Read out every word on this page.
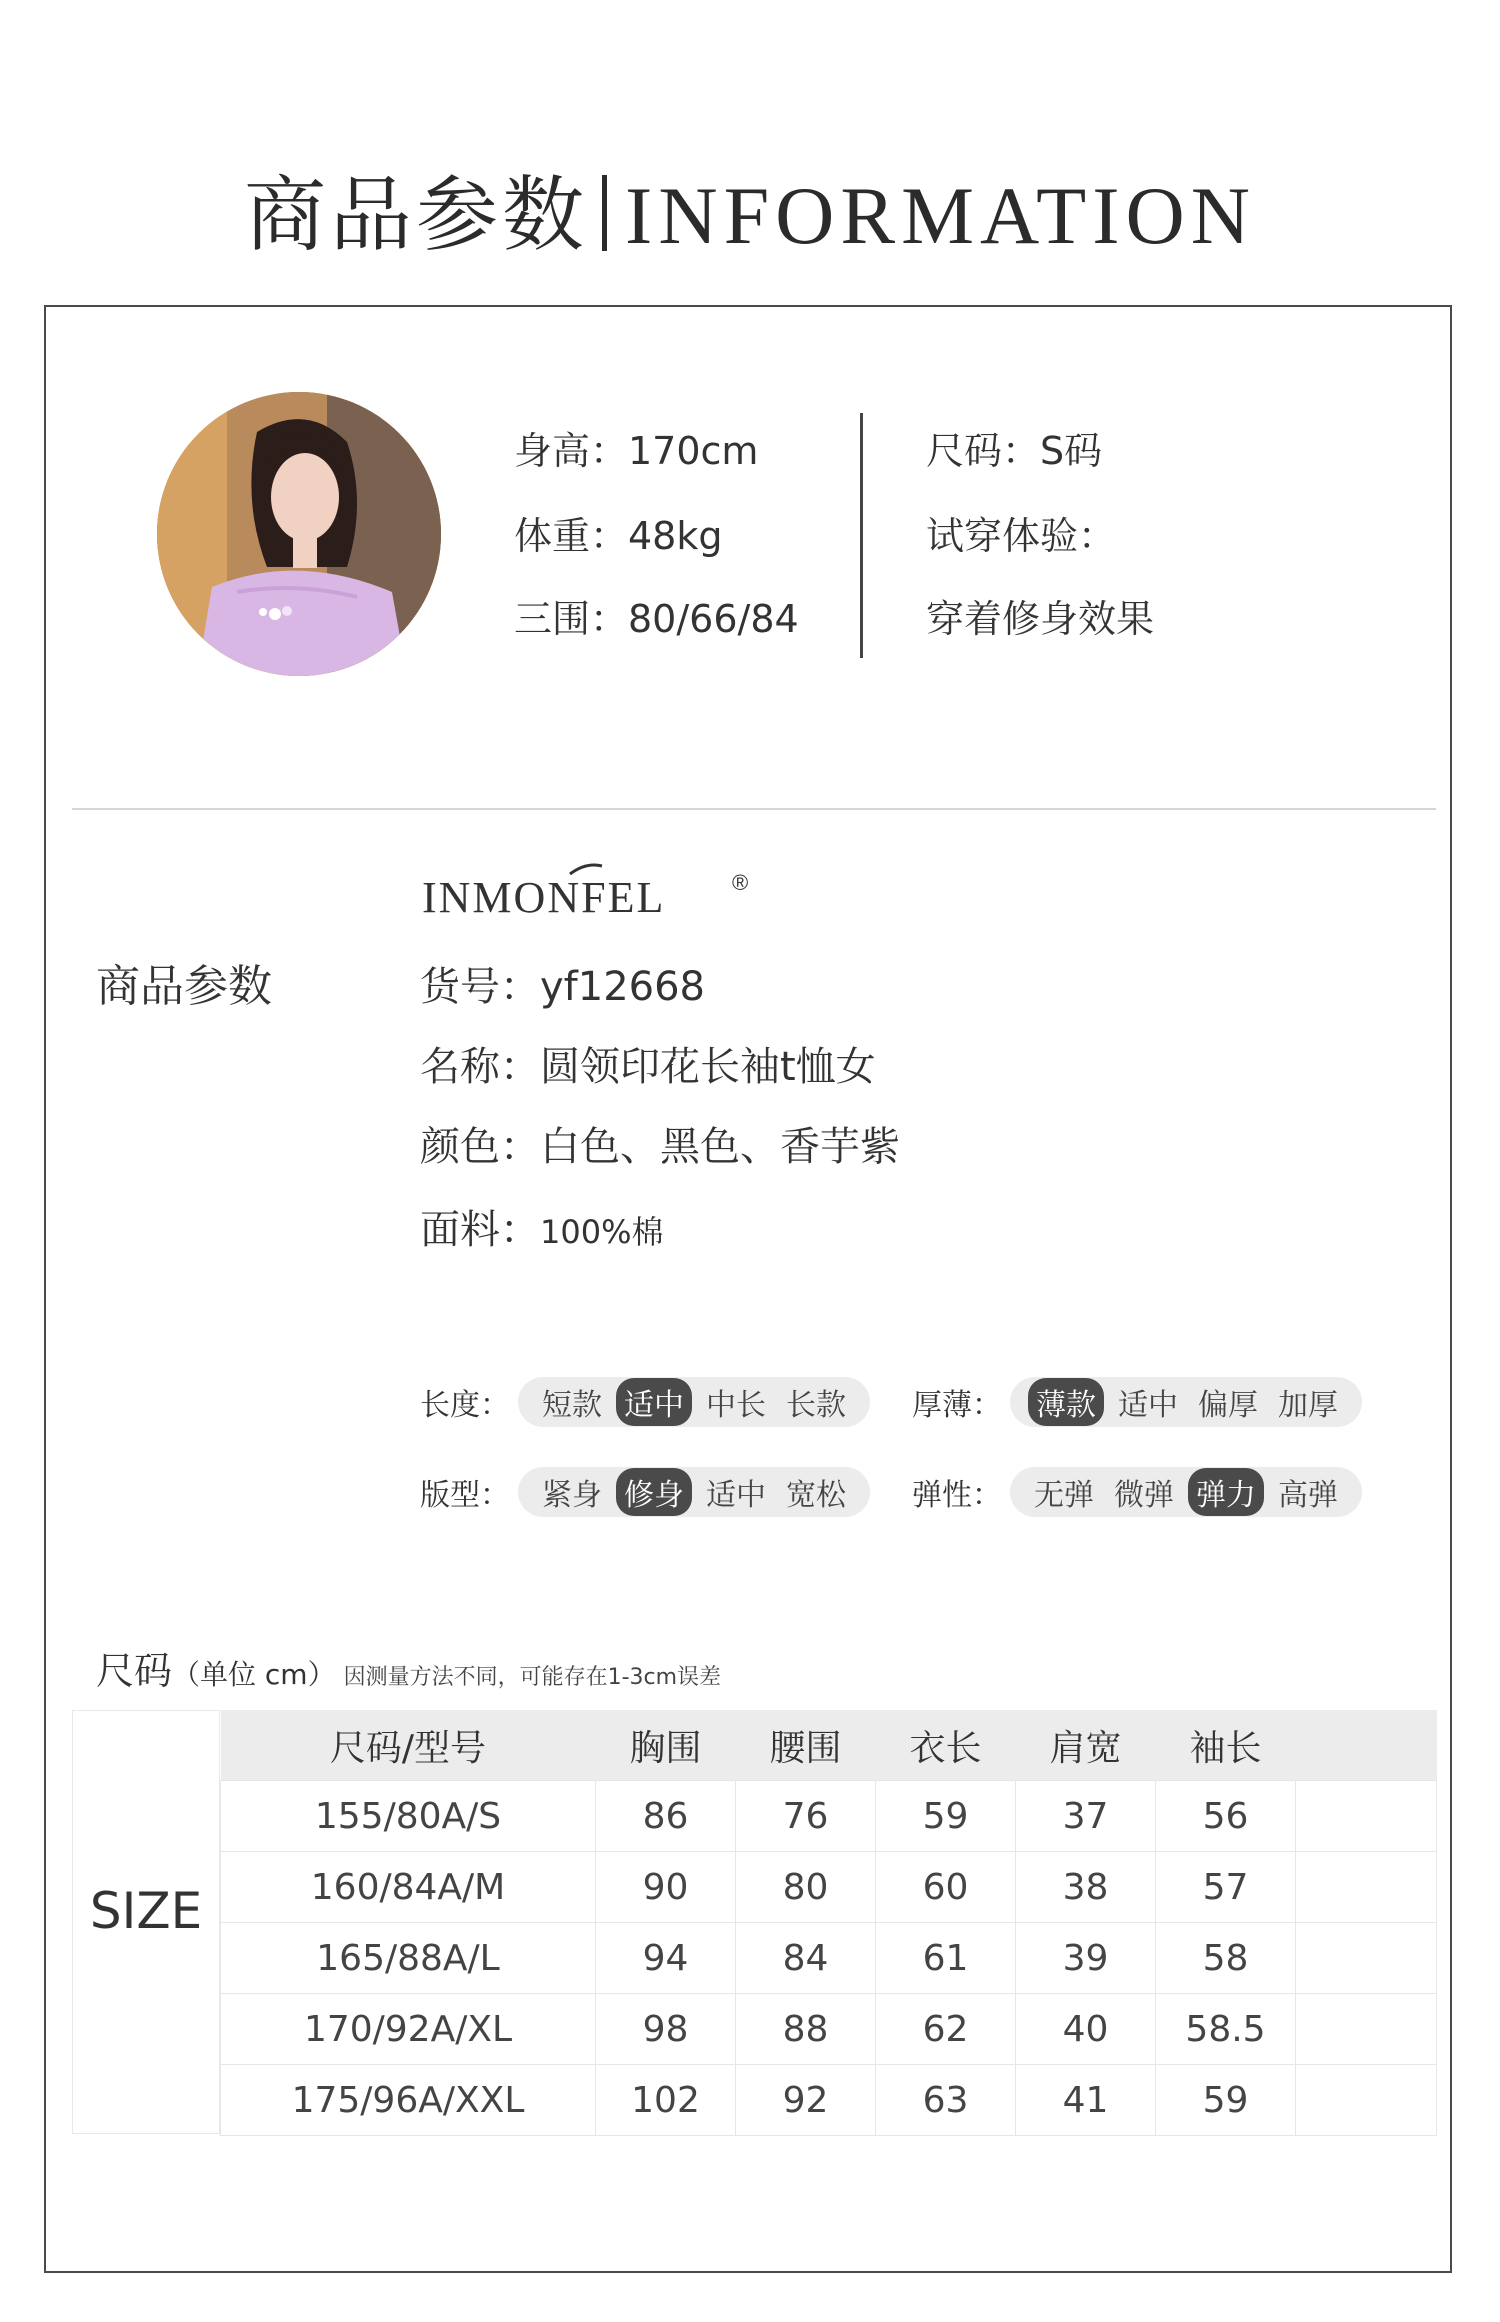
商品参数 INFORMATION
身高：170cm
体重：48kg
三围：80/66/84
尺码：S码
试穿体验：
穿着修身效果
INMONFEL	®
商品参数	货号：yf12668
名称：圆领印花长袖t恤女
颜色：白色、黑色、香芋紫
面料：100%棉
长度： 短款 适中 中长 长款 厚薄： 薄款 适中 偏厚 加厚
版型： 紧身 修身 适中 宽松 弹性： 无弹 微弹 弹力 高弹
尺码（单位 cm） 因测量方法不同，可能存在1-3cm误差
SIZE
尺码/型号	胸围	腰围	衣长	肩宽	袖长	
155/80A/S	86	76	59	37	56	
160/84A/M	90	80	60	38	57	
165/88A/L	94	84	61	39	58	
170/92A/XL	98	88	62	40	58.5	
175/96A/XXL	102	92	63	41	59	
